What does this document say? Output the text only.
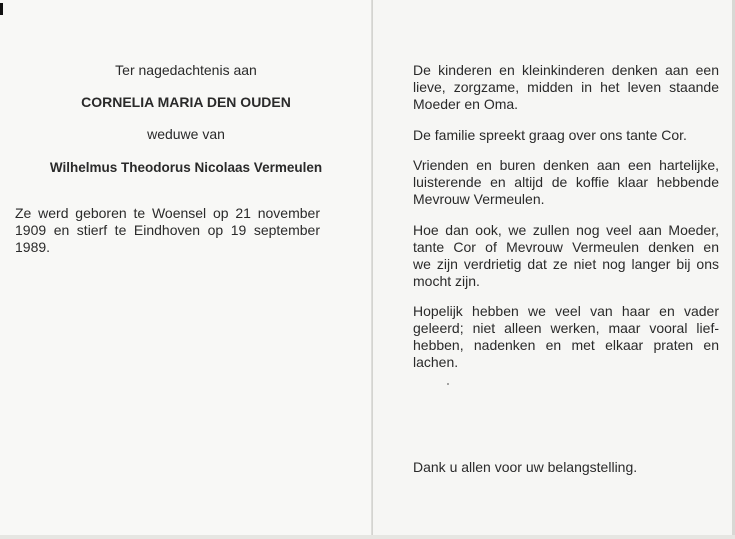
Ter nagedachtenis aan

CORNELIA MARIA DEN OUDEN

weduwe van

Wilhelmus Theodorus Nicolaas Vermeulen

Ze werd geboren te Woensel op 21 november
1909 en stierf te Eindhoven op 19 september
1989.
De kinderen en kleinkinderen denken aan een
lieve, zorgzame, midden in het leven staande
Moeder en Oma.
De familie spreekt graag over ons tante Cor.
Vrienden en buren denken aan een hartelijke,
luisterende en altijd de koffie klaar hebbende
Mevrouw Vermeulen.
Hoe dan ook, we zullen nog veel aan Moeder,
tante Cor of Mevrouw Vermeulen denken en
we zijn verdrietig dat ze niet nog langer bij ons
mocht zijn.
Hopelijk hebben we veel van haar en vader
geleerd; niet alleen werken, maar vooral lief-
hebben, nadenken en met elkaar praten en
lachen.
Dank u allen voor uw belangstelling.
